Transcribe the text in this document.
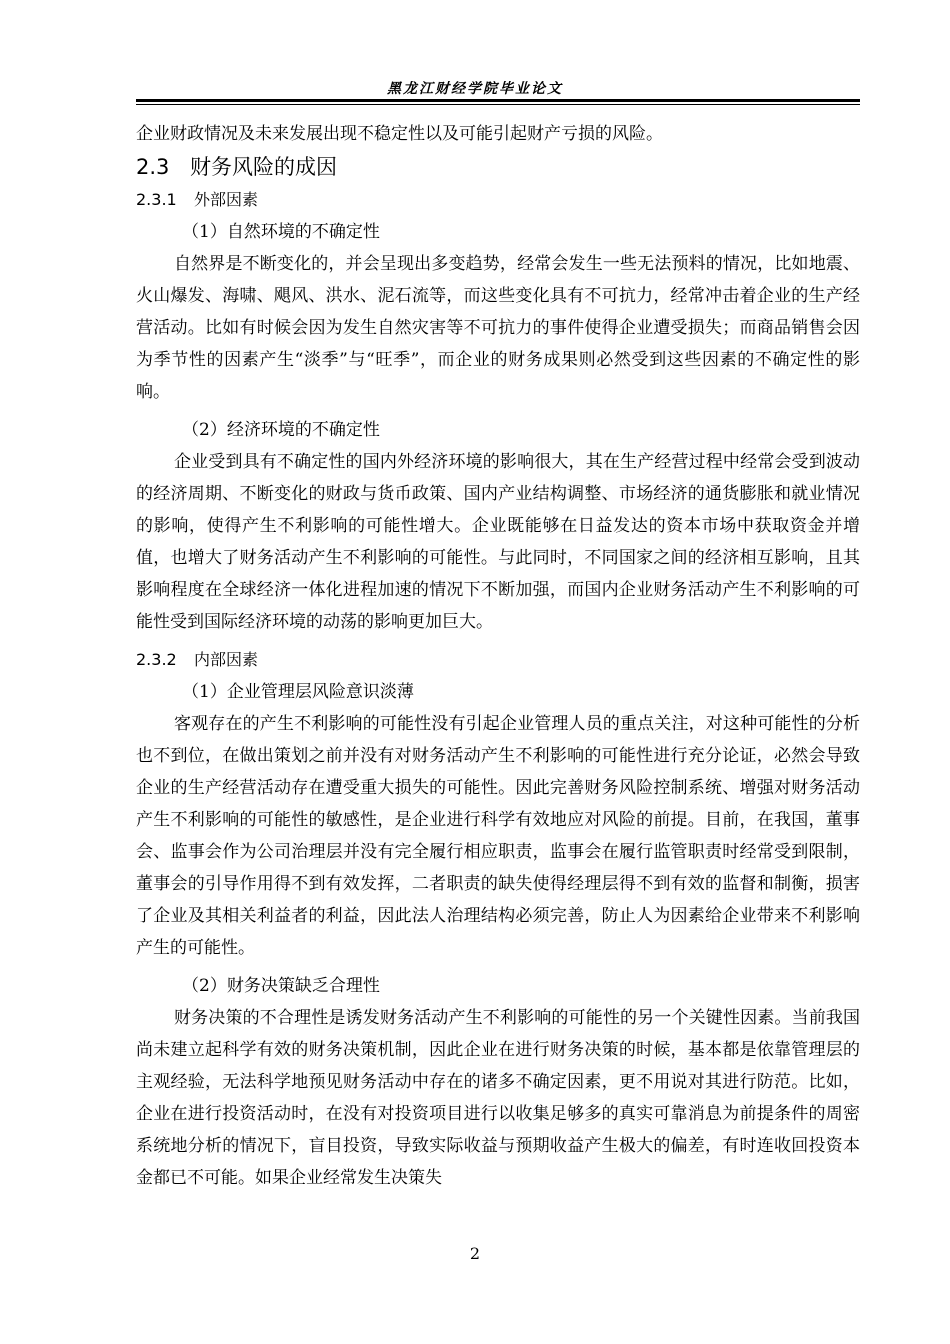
黑龙江财经学院毕业论文

企业财政情况及未来发展出现不稳定性以及可能引起财产亏损的风险。

2.3 财务风险的成因

2.3.1 外部因素

（1）自然环境的不确定性

自然界是不断变化的，并会呈现出多变趋势，经常会发生一些无法预料的情况，比如地震、火山爆发、海啸、飓风、洪水、泥石流等，而这些变化具有不可抗力，经常冲击着企业的生产经营活动。比如有时候会因为发生自然灾害等不可抗力的事件使得企业遭受损失；而商品销售会因为季节性的因素产生“淡季”与“旺季”，而企业的财务成果则必然受到这些因素的不确定性的影响。

（2）经济环境的不确定性

企业受到具有不确定性的国内外经济环境的影响很大，其在生产经营过程中经常会受到波动的经济周期、不断变化的财政与货币政策、国内产业结构调整、市场经济的通货膨胀和就业情况的影响，使得产生不利影响的可能性增大。企业既能够在日益发达的资本市场中获取资金并增值，也增大了财务活动产生不利影响的可能性。与此同时，不同国家之间的经济相互影响，且其影响程度在全球经济一体化进程加速的情况下不断加强，而国内企业财务活动产生不利影响的可能性受到国际经济环境的动荡的影响更加巨大。

2.3.2 内部因素

（1）企业管理层风险意识淡薄

客观存在的产生不利影响的可能性没有引起企业管理人员的重点关注，对这种可能性的分析也不到位，在做出策划之前并没有对财务活动产生不利影响的可能性进行充分论证，必然会导致企业的生产经营活动存在遭受重大损失的可能性。因此完善财务风险控制系统、增强对财务活动产生不利影响的可能性的敏感性，是企业进行科学有效地应对风险的前提。目前，在我国，董事会、监事会作为公司治理层并没有完全履行相应职责，监事会在履行监管职责时经常受到限制，董事会的引导作用得不到有效发挥，二者职责的缺失使得经理层得不到有效的监督和制衡，损害了企业及其相关利益者的利益，因此法人治理结构必须完善，防止人为因素给企业带来不利影响产生的可能性。

（2）财务决策缺乏合理性

财务决策的不合理性是诱发财务活动产生不利影响的可能性的另一个关键性因素。当前我国尚未建立起科学有效的财务决策机制，因此企业在进行财务决策的时候，基本都是依靠管理层的主观经验，无法科学地预见财务活动中存在的诸多不确定因素，更不用说对其进行防范。比如，企业在进行投资活动时，在没有对投资项目进行以收集足够多的真实可靠消息为前提条件的周密系统地分析的情况下，盲目投资，导致实际收益与预期收益产生极大的偏差，有时连收回投资本金都已不可能。如果企业经常发生决策失

2
